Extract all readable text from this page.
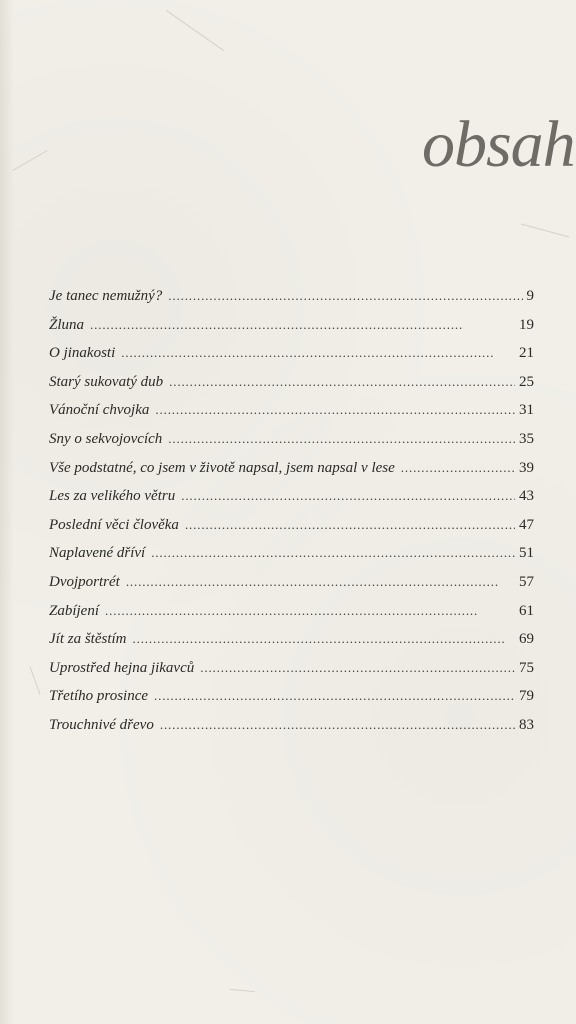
obsah
Je tanec nemužný? . . .	9
Žluna . . .	19
O jinakosti . . .	21
Starý sukovatý dub . . .	25
Vánoční chvojka . . .	31
Sny o sekvojovcích . . .	35
Vše podstatné, co jsem v životě napsal, jsem napsal v lese . . .	39
Les za velikého větru . . .	43
Poslední věci člověka . . .	47
Naplavené dříví . . .	51
Dvojportrét . . .	57
Zabíjení . . .	61
Jít za štěstím . . .	69
Uprostřed hejna jikavců . . .	75
Třetího prosince . . .	79
Trouchnivé dřevo . . .	83
